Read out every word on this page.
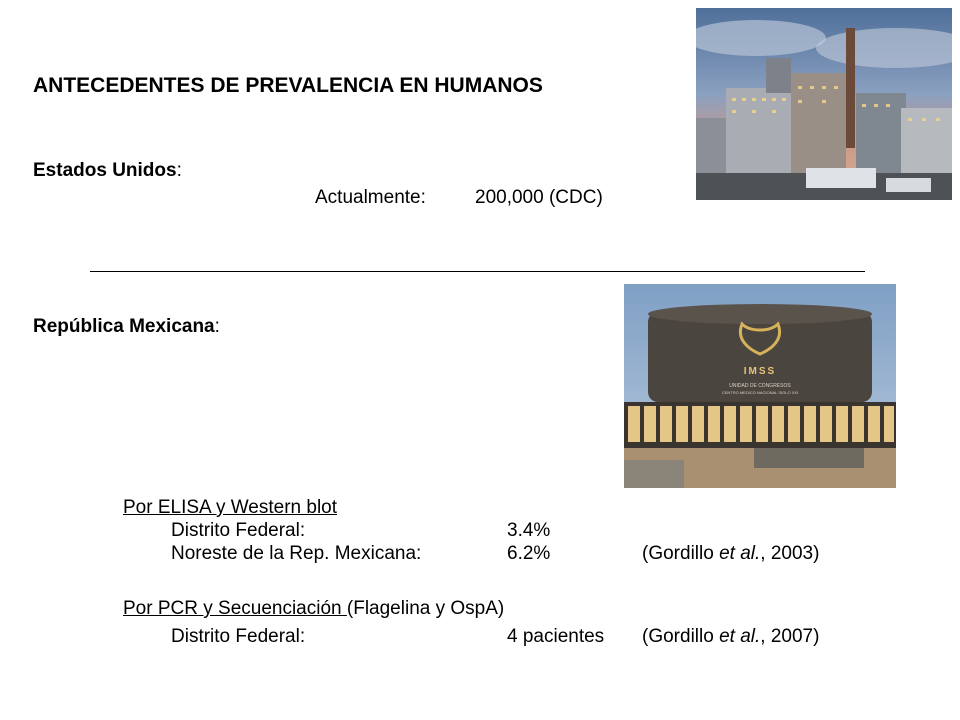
ANTECEDENTES DE PREVALENCIA EN HUMANOS
Estados Unidos:
Actualmente:	200,000 (CDC)
República Mexicana:
Por ELISA y Western blot
Distrito Federal:	3.4%
Noreste de la Rep. Mexicana:	6.2%	(Gordillo et al., 2003)
Por PCR y Secuenciación (Flagelina y OspA)
Distrito Federal:	4 pacientes (Gordillo et al., 2007)
IMSS
UNIDAD DE CONGRESOS
CENTRO MEDICO NACIONAL SIGLO XXI
